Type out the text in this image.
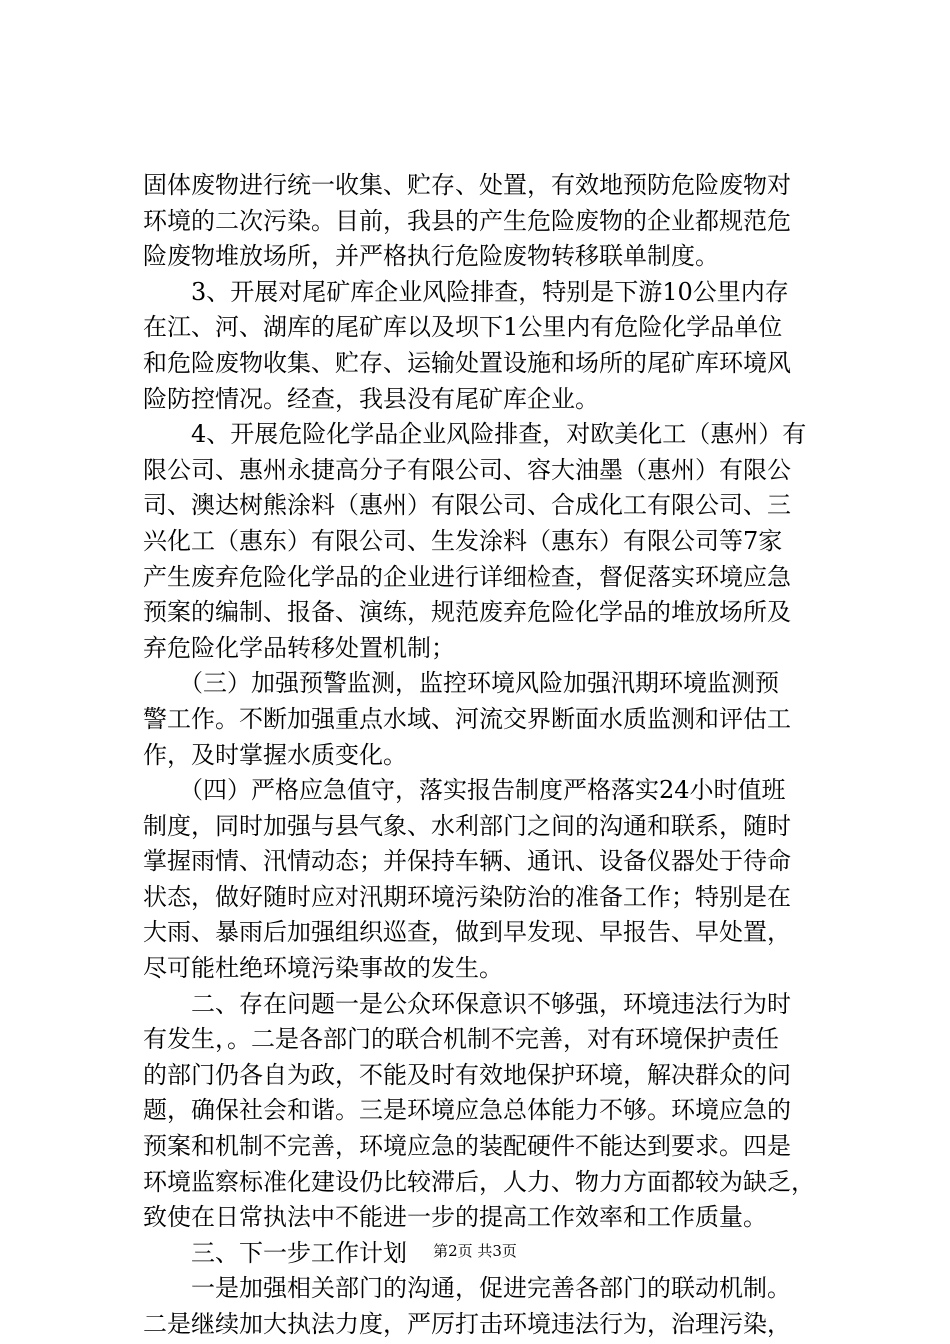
固体废物进行统一收集、贮存、处置，有效地预防危险废物对
环境的二次污染。目前，我县的产生危险废物的企业都规范危
险废物堆放场所，并严格执行危险废物转移联单制度。
　　3、开展对尾矿库企业风险排查，特别是下游10公里内存
在江、河、湖库的尾矿库以及坝下1公里内有危险化学品单位
和危险废物收集、贮存、运输处置设施和场所的尾矿库环境风
险防控情况。经查，我县没有尾矿库企业。
　　4、开展危险化学品企业风险排查，对欧美化工（惠州）有
限公司、惠州永捷高分子有限公司、容大油墨（惠州）有限公
司、澳达树熊涂料（惠州）有限公司、合成化工有限公司、三
兴化工（惠东）有限公司、生发涂料（惠东）有限公司等7家
产生废弃危险化学品的企业进行详细检查，督促落实环境应急
预案的编制、报备、演练，规范废弃危险化学品的堆放场所及
弃危险化学品转移处置机制；
　　（三）加强预警监测，监控环境风险加强汛期环境监测预
警工作。不断加强重点水域、河流交界断面水质监测和评估工
作，及时掌握水质变化。
　　（四）严格应急值守，落实报告制度严格落实24小时值班
制度，同时加强与县气象、水利部门之间的沟通和联系，随时
掌握雨情、汛情动态；并保持车辆、通讯、设备仪器处于待命
状态，做好随时应对汛期环境污染防治的准备工作；特别是在
大雨、暴雨后加强组织巡查，做到早发现、早报告、早处置，
尽可能杜绝环境污染事故的发生。
　　二、存在问题一是公众环保意识不够强，环境违法行为时
有发生，。二是各部门的联合机制不完善，对有环境保护责任
的部门仍各自为政，不能及时有效地保护环境，解决群众的问
题，确保社会和谐。三是环境应急总体能力不够。环境应急的
预案和机制不完善，环境应急的装配硬件不能达到要求。四是
环境监察标准化建设仍比较滞后，人力、物力方面都较为缺乏，
致使在日常执法中不能进一步的提高工作效率和工作质量。
　　三、下一步工作计划
　　一是加强相关部门的沟通，促进完善各部门的联动机制。
二是继续加大执法力度，严厉打击环境违法行为，治理污染，
第2页 共3页
